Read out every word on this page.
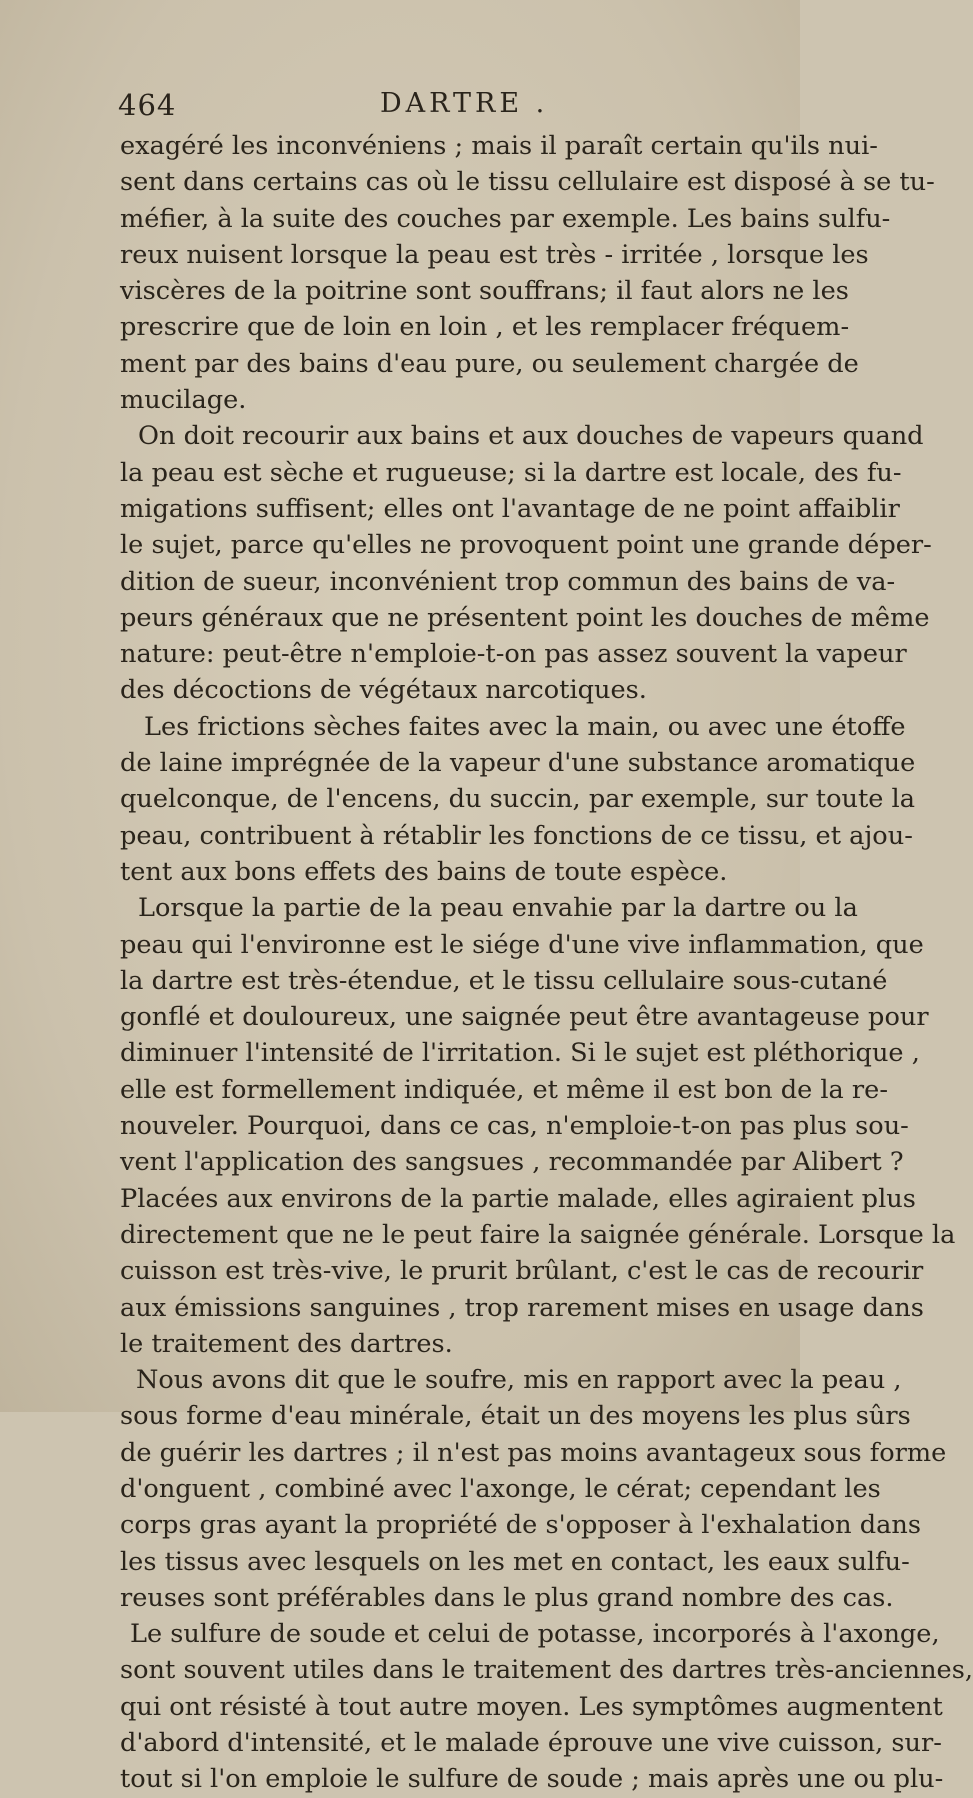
464	DARTRE .

exagéré les inconvéniens ; mais il paraît certain qu'ils nui-
sent dans certains cas où le tissu cellulaire est disposé à se tu-
méfier, à la suite des couches par exemple. Les bains sulfu-
reux nuisent lorsque la peau est très - irritée , lorsque les
viscères de la poitrine sont souffrans; il faut alors ne les
prescrire que de loin en loin , et les remplacer fréquem-
ment par des bains d'eau pure, ou seulement chargée de
mucilage.

On doit recourir aux bains et aux douches de vapeurs quand
la peau est sèche et rugueuse; si la dartre est locale, des fu-
migations suffisent; elles ont l'avantage de ne point affaiblir
le sujet, parce qu'elles ne provoquent point une grande déper-
dition de sueur, inconvénient trop commun des bains de va-
peurs généraux que ne présentent point les douches de même
nature: peut-être n'emploie-t-on pas assez souvent la vapeur
des décoctions de végétaux narcotiques.

Les frictions sèches faites avec la main, ou avec une étoffe
de laine imprégnée de la vapeur d'une substance aromatique
quelconque, de l'encens, du succin, par exemple, sur toute la
peau, contribuent à rétablir les fonctions de ce tissu, et ajou-
tent aux bons effets des bains de toute espèce.

Lorsque la partie de la peau envahie par la dartre ou la
peau qui l'environne est le siége d'une vive inflammation, que
la dartre est très-étendue, et le tissu cellulaire sous-cutané
gonflé et douloureux, une saignée peut être avantageuse pour
diminuer l'intensité de l'irritation. Si le sujet est pléthorique ,
elle est formellement indiquée, et même il est bon de la re-
nouveler. Pourquoi, dans ce cas, n'emploie-t-on pas plus sou-
vent l'application des sangsues , recommandée par Alibert ?
Placées aux environs de la partie malade, elles agiraient plus
directement que ne le peut faire la saignée générale. Lorsque la
cuisson est très-vive, le prurit brûlant, c'est le cas de recourir
aux émissions sanguines , trop rarement mises en usage dans
le traitement des dartres.

Nous avons dit que le soufre, mis en rapport avec la peau ,
sous forme d'eau minérale, était un des moyens les plus sûrs
de guérir les dartres ; il n'est pas moins avantageux sous forme
d'onguent , combiné avec l'axonge, le cérat; cependant les
corps gras ayant la propriété de s'opposer à l'exhalation dans
les tissus avec lesquels on les met en contact, les eaux sulfu-
reuses sont préférables dans le plus grand nombre des cas.

Le sulfure de soude et celui de potasse, incorporés à l'axonge,
sont souvent utiles dans le traitement des dartres très-anciennes,
qui ont résisté à tout autre moyen. Les symptômes augmentent
d'abord d'intensité, et le malade éprouve une vive cuisson, sur-
tout si l'on emploie le sulfure de soude ; mais après une ou plu-
